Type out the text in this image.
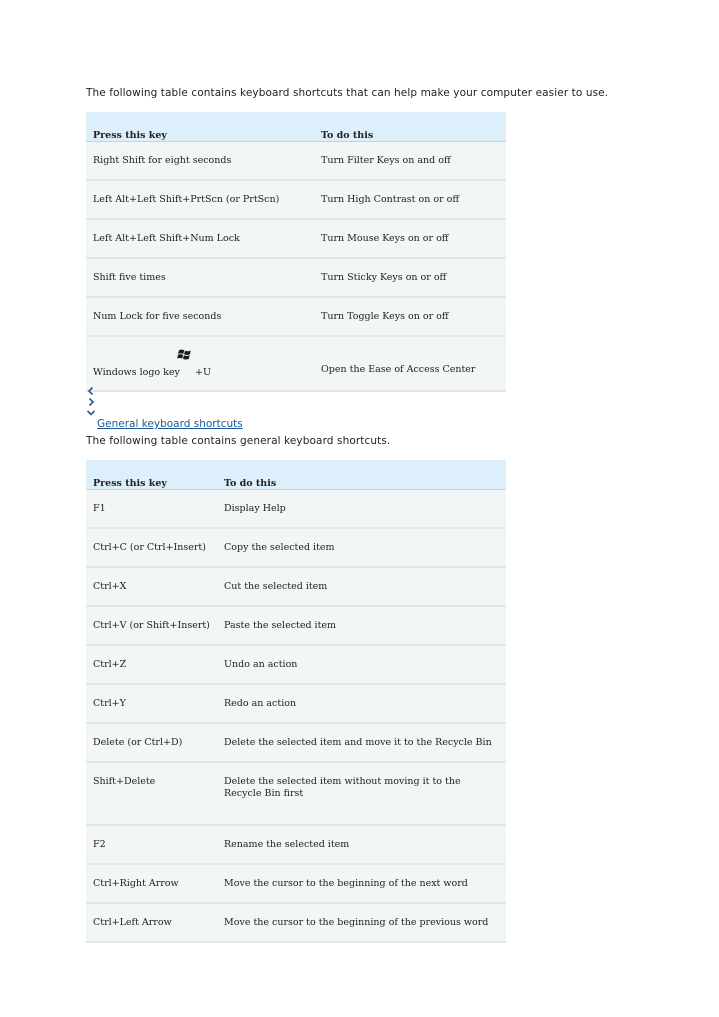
The following table contains keyboard shortcuts that can help make your computer easier to use.
Press this key	To do this
Right Shift for eight seconds	Turn Filter Keys on and off
Left Alt+Left Shift+PrtScn (or PrtScn)	Turn High Contrast on or off
Left Alt+Left Shift+Num Lock	Turn Mouse Keys on or off
Shift five times	Turn Sticky Keys on or off
Num Lock for five seconds	Turn Toggle Keys on or off

Windows logo key +U	Open the Ease of Access Center
General keyboard shortcuts
The following table contains general keyboard shortcuts.
Press this key	To do this
F1	Display Help
Ctrl+C (or Ctrl+Insert)	Copy the selected item
Ctrl+X	Cut the selected item
Ctrl+V (or Shift+Insert)	Paste the selected item
Ctrl+Z	Undo an action
Ctrl+Y	Redo an action
Delete (or Ctrl+D)	Delete the selected item and move it to the Recycle Bin
Shift+Delete	Delete the selected item without moving it to the Recycle Bin first
F2	Rename the selected item
Ctrl+Right Arrow	Move the cursor to the beginning of the next word
Ctrl+Left Arrow	Move the cursor to the beginning of the previous word
